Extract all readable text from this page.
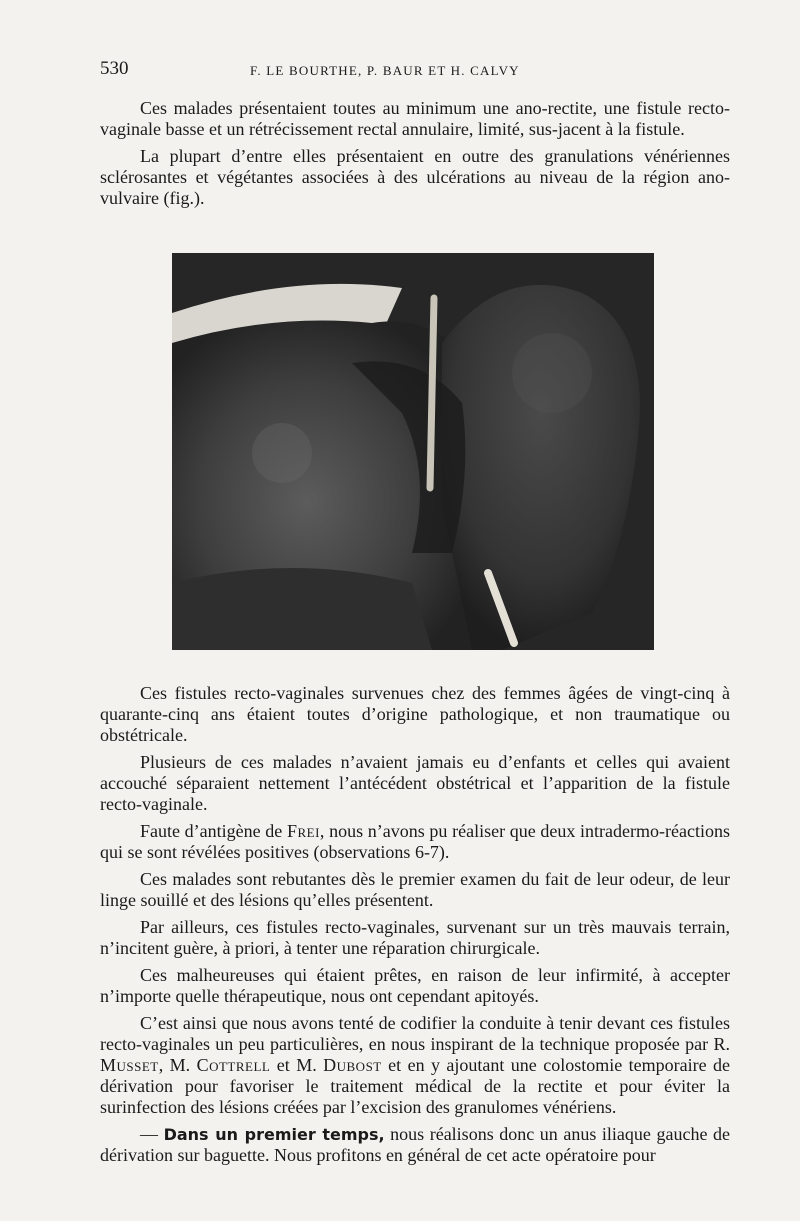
530	F. LE BOURTHE, P. BAUR ET H. CALVY

Ces malades présentaient toutes au minimum une ano-rectite, une fistule recto-vaginale basse et un rétrécissement rectal annulaire, limité, sus-jacent à la fistule.

La plupart d’entre elles présentaient en outre des granulations vénériennes sclérosantes et végétantes associées à des ulcérations au niveau de la région ano-vulvaire (fig.).

Ces fistules recto-vaginales survenues chez des femmes âgées de vingt-cinq à quarante-cinq ans étaient toutes d’origine pathologique, et non traumatique ou obstétricale.

Plusieurs de ces malades n’avaient jamais eu d’enfants et celles qui avaient accouché séparaient nettement l’antécédent obstétrical et l’apparition de la fistule recto-vaginale.

Faute d’antigène de Frei, nous n’avons pu réaliser que deux intradermo-réactions qui se sont révélées positives (observations 6-7).

Ces malades sont rebutantes dès le premier examen du fait de leur odeur, de leur linge souillé et des lésions qu’elles présentent.

Par ailleurs, ces fistules recto-vaginales, survenant sur un très mauvais terrain, n’incitent guère, à priori, à tenter une réparation chirurgicale.

Ces malheureuses qui étaient prêtes, en raison de leur infirmité, à accepter n’importe quelle thérapeutique, nous ont cependant apitoyés.

C’est ainsi que nous avons tenté de codifier la conduite à tenir devant ces fistules recto-vaginales un peu particulières, en nous inspirant de la technique proposée par R. Musset, M. Cottrell et M. Dubost et en y ajoutant une colostomie temporaire de dérivation pour favoriser le traitement médical de la rectite et pour éviter la surinfection des lésions créées par l’excision des granulomes vénériens.

— Dans un premier temps, nous réalisons donc un anus iliaque gauche de dérivation sur baguette. Nous profitons en général de cet acte opératoire pour
